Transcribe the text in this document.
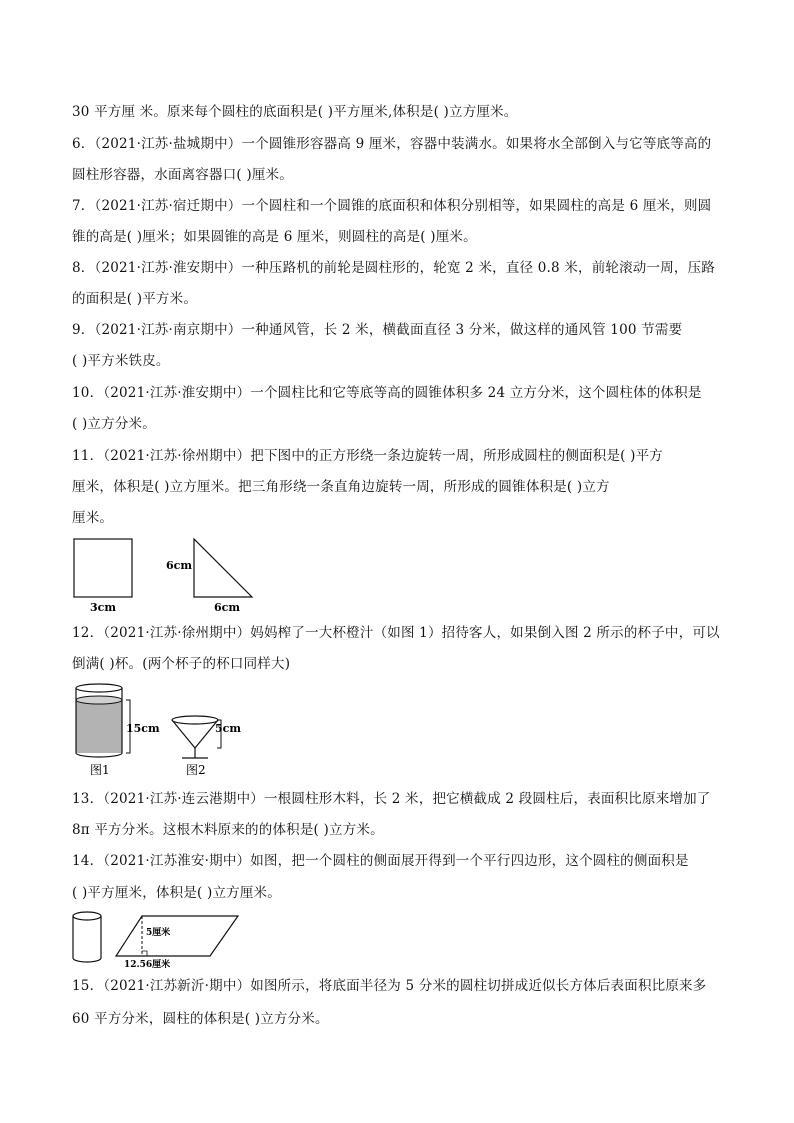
30 平方厘 米。原来每个圆柱的底面积是( )平方厘米,体积是( )立方厘米。
6．（2021·江苏·盐城期中）一个圆锥形容器高 9 厘米，容器中装满水。如果将水全部倒入与它等底等高的
圆柱形容器，水面离容器口( )厘米。
7．（2021·江苏·宿迁期中）一个圆柱和一个圆锥的底面积和体积分别相等，如果圆柱的高是 6 厘米，则圆
锥的高是( )厘米；如果圆锥的高是 6 厘米，则圆柱的高是( )厘米。
8．（2021·江苏·淮安期中）一种压路机的前轮是圆柱形的，轮宽 2 米，直径 0.8 米，前轮滚动一周，压路
的面积是( )平方米。
9．（2021·江苏·南京期中）一种通风管，长 2 米，横截面直径 3 分米，做这样的通风管 100 节需要
( )平方米铁皮。
10．（2021·江苏·淮安期中）一个圆柱比和它等底等高的圆锥体积多 24 立方分米，这个圆柱体的体积是
( )立方分米。
11．（2021·江苏·徐州期中）把下图中的正方形绕一条边旋转一周，所形成圆柱的侧面积是( )平方
厘米，体积是( )立方厘米。把三角形绕一条直角边旋转一周，所形成的圆锥体积是( )立方
厘米。
3cm
6cm
6cm
12．（2021·江苏·徐州期中）妈妈榨了一大杯橙汁（如图 1）招待客人，如果倒入图 2 所示的杯子中，可以
倒满( )杯。(两个杯子的杯口同样大)
15cm
图1
5cm
图2
13．（2021·江苏·连云港期中）一根圆柱形木料，长 2 米，把它横截成 2 段圆柱后，表面积比原来增加了
8π 平方分米。这根木料原来的的体积是( )立方米。
14．（2021·江苏淮安·期中）如图，把一个圆柱的侧面展开得到一个平行四边形，这个圆柱的侧面积是
( )平方厘米，体积是( )立方厘米。
5厘米
12.56厘米
15．（2021·江苏新沂·期中）如图所示，将底面半径为 5 分米的圆柱切拼成近似长方体后表面积比原来多
60 平方分米，圆柱的体积是( )立方分米。
